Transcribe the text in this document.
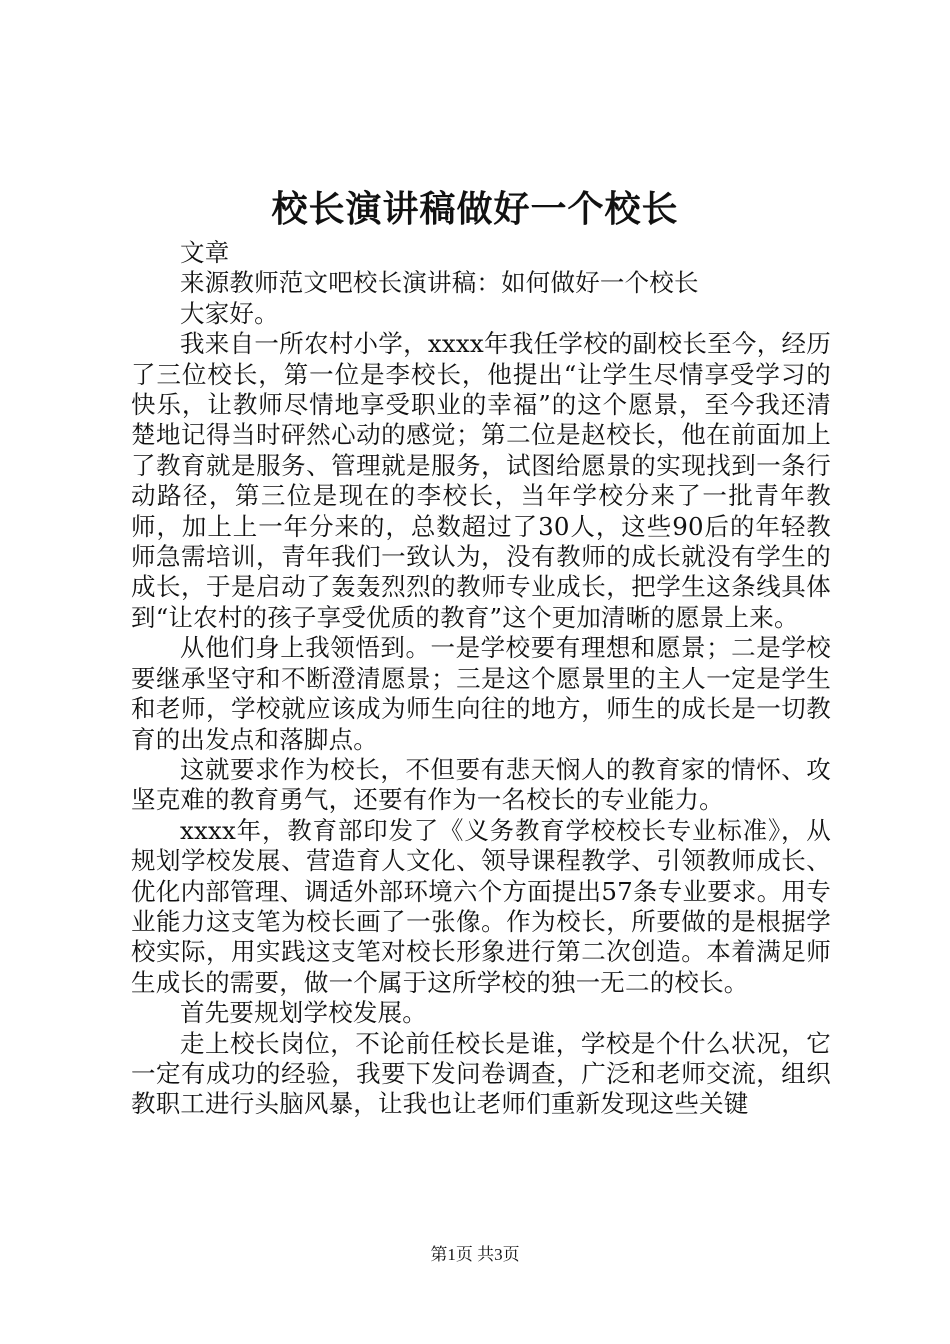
校长演讲稿做好一个校长

文章

来源教师范文吧校长演讲稿：如何做好一个校长

大家好。

我来自一所农村小学，xxxx年我任学校的副校长至今，经历了三位校长，第一位是李校长，他提出“让学生尽情享受学习的快乐，让教师尽情地享受职业的幸福”的这个愿景，至今我还清楚地记得当时砰然心动的感觉；第二位是赵校长，他在前面加上了教育就是服务、管理就是服务，试图给愿景的实现找到一条行动路径，第三位是现在的李校长，当年学校分来了一批青年教师，加上上一年分来的，总数超过了30人，这些90后的年轻教师急需培训，青年我们一致认为，没有教师的成长就没有学生的成长，于是启动了轰轰烈烈的教师专业成长，把学生这条线具体到“让农村的孩子享受优质的教育”这个更加清晰的愿景上来。

从他们身上我领悟到。一是学校要有理想和愿景；二是学校要继承坚守和不断澄清愿景；三是这个愿景里的主人一定是学生和老师，学校就应该成为师生向往的地方，师生的成长是一切教育的出发点和落脚点。

这就要求作为校长，不但要有悲天悯人的教育家的情怀、攻坚克难的教育勇气，还要有作为一名校长的专业能力。

xxxx年，教育部印发了《义务教育学校校长专业标准》，从规划学校发展、营造育人文化、领导课程教学、引领教师成长、优化内部管理、调适外部环境六个方面提出57条专业要求。用专业能力这支笔为校长画了一张像。作为校长，所要做的是根据学校实际，用实践这支笔对校长形象进行第二次创造。本着满足师生成长的需要，做一个属于这所学校的独一无二的校长。

首先要规划学校发展。

走上校长岗位，不论前任校长是谁，学校是个什么状况，它一定有成功的经验，我要下发问卷调查，广泛和老师交流，组织教职工进行头脑风暴，让我也让老师们重新发现这些关键

第1页 共3页
